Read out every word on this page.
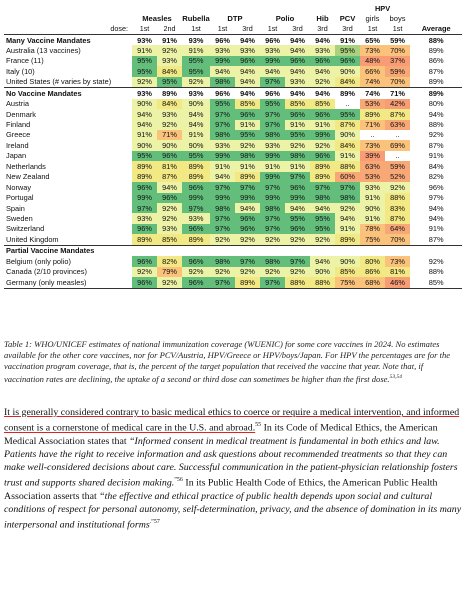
	HPV											
	Measles		Rubella	DTP		Polio		Hib	PCV	girls	boys	
dose:	1st	2nd	1st	1st	3rd	1st	3rd	3rd	3rd	1st	1st	Average
Many Vaccine Mandates	93%	91%	93%	96%	94%	96%	94%	94%	91%	65%	59%	88%
Australia (13 vaccines)	91%	92%	91%	93%	93%	93%	94%	93%	95%	73%	70%	89%
France (11)	95%	93%	95%	99%	96%	99%	96%	96%	96%	48%	37%	86%
Italy (10)	95%	84%	95%	94%	94%	94%	94%	94%	90%	66%	59%	87%
United States (# varies by state)	92%	95%	92%	98%	94%	97%	93%	92%	84%	74%	70%	89%
No Vaccine Mandates	93%	89%	93%	96%	94%	96%	94%	94%	89%	74%	71%	89%
Austria	90%	84%	90%	95%	85%	95%	85%	85%	..	53%	42%	80%
Denmark	94%	93%	94%	97%	96%	97%	96%	96%	95%	89%	87%	94%
Finland	94%	92%	94%	97%	91%	97%	91%	91%	87%	71%	63%	88%
Greece	91%	71%	91%	98%	95%	98%	95%	99%	90%	..	..	92%
Ireland	90%	90%	90%	93%	92%	93%	92%	92%	84%	73%	69%	87%
Japan	95%	96%	95%	99%	98%	99%	98%	96%	91%	39%	..	91%
Netherlands	89%	81%	89%	91%	91%	91%	91%	89%	88%	63%	59%	84%
New Zealand	89%	87%	89%	94%	89%	99%	97%	89%	60%	53%	52%	82%
Norway	96%	94%	96%	97%	97%	97%	96%	97%	97%	93%	92%	96%
Portugal	99%	96%	99%	99%	99%	99%	99%	98%	98%	91%	88%	97%
Spain	97%	92%	97%	98%	94%	98%	94%	94%	92%	90%	83%	94%
Sweden	93%	92%	93%	97%	96%	97%	95%	95%	94%	91%	87%	94%
Switzerland	96%	93%	96%	97%	96%	97%	96%	95%	91%	78%	64%	91%
United Kingdom	89%	85%	89%	92%	92%	92%	92%	92%	89%	75%	70%	87%
Partial Vaccine Mandates												
Belgium (only polio)	96%	82%	96%	98%	97%	98%	97%	94%	90%	80%	73%	92%
Canada (2/10 provinces)	92%	79%	92%	92%	92%	92%	92%	90%	85%	86%	81%	88%
Germany (only measles)	96%	92%	96%	97%	89%	97%	88%	88%	75%	68%	46%	85%
Table 1: WHO/UNICEF estimates of national immunization coverage (WUENIC) for some core vaccines in 2024. No estimates available for the other core vaccines, nor for PCV/Austria, HPV/Greece or HPV/boys/Japan. For HPV the percentages are for the vaccination program coverage, that is, the percent of the target population that received the vaccine that year. Note that, if vaccination rates are declining, the uptake of a second or third dose can sometimes be higher than the first dose.$^{53,54}$

It is generally considered contrary to basic medical ethics to coerce or require a medical intervention, and informed consent is a cornerstone of medical care in the U.S. and abroad.$^{55}$ In its Code of Medical Ethics, the American Medical Association states that “Informed consent in medical treatment is fundamental in both ethics and law. Patients have the right to receive information and ask questions about recommended treatments so that they can make well-considered decisions about care. Successful communication in the patient-physician relationship fosters trust and supports shared decision making.$^{”56}$ In its Public Health Code of Ethics, the American Public Health Association asserts that “the effective and ethical practice of public health depends upon social and cultural conditions of respect for personal autonomy, self-determination, privacy, and the absence of domination in its many interpersonal and institutional forms$^{.”57}$
